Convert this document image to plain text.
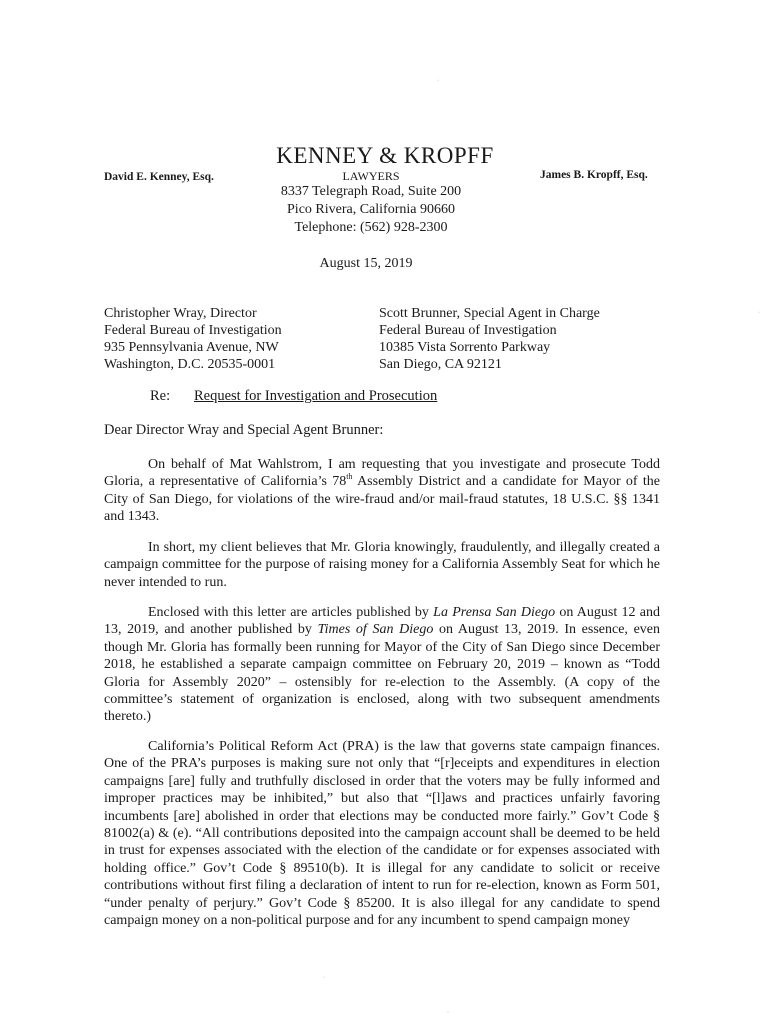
·
·
KENNEY & KROPFF
David E. Kenney, Esq.	LAWYERS	James B. Kropff, Esq.
8337 Telegraph Road, Suite 200
Pico Rivera, California 90660
Telephone: (562) 928-2300
August 15, 2019
Christopher Wray, Director
Federal Bureau of Investigation
935 Pennsylvania Avenue, NW
Washington, D.C. 20535-0001
Scott Brunner, Special Agent in Charge
Federal Bureau of Investigation
10385 Vista Sorrento Parkway
San Diego, CA 92121
Re: Request for Investigation and Prosecution
Dear Director Wray and Special Agent Brunner:
On behalf of Mat Wahlstrom, I am requesting that you investigate and prosecute Todd Gloria, a representative of California’s 78th Assembly District and a candidate for Mayor of the City of San Diego, for violations of the wire-fraud and/or mail-fraud statutes, 18 U.S.C. §§ 1341 and 1343.
In short, my client believes that Mr. Gloria knowingly, fraudulently, and illegally created a campaign committee for the purpose of raising money for a California Assembly Seat for which he never intended to run.
Enclosed with this letter are articles published by La Prensa San Diego on August 12 and 13, 2019, and another published by Times of San Diego on August 13, 2019. In essence, even though Mr. Gloria has formally been running for Mayor of the City of San Diego since December 2018, he established a separate campaign committee on February 20, 2019 – known as “Todd Gloria for Assembly 2020” – ostensibly for re-election to the Assembly. (A copy of the committee’s statement of organization is enclosed, along with two subsequent amendments thereto.)
California’s Political Reform Act (PRA) is the law that governs state campaign finances. One of the PRA’s purposes is making sure not only that “[r]eceipts and expenditures in election campaigns [are] fully and truthfully disclosed in order that the voters may be fully informed and improper practices may be inhibited,” but also that “[l]aws and practices unfairly favoring incumbents [are] abolished in order that elections may be conducted more fairly.” Gov’t Code § 81002(a) & (e). “All contributions deposited into the campaign account shall be deemed to be held in trust for expenses associated with the election of the candidate or for expenses associated with holding office.” Gov’t Code § 89510(b). It is illegal for any candidate to solicit or receive contributions without first filing a declaration of intent to run for re-election, known as Form 501, “under penalty of perjury.” Gov’t Code § 85200. It is also illegal for any candidate to spend campaign money on a non-political purpose and for any incumbent to spend campaign money
·
·
